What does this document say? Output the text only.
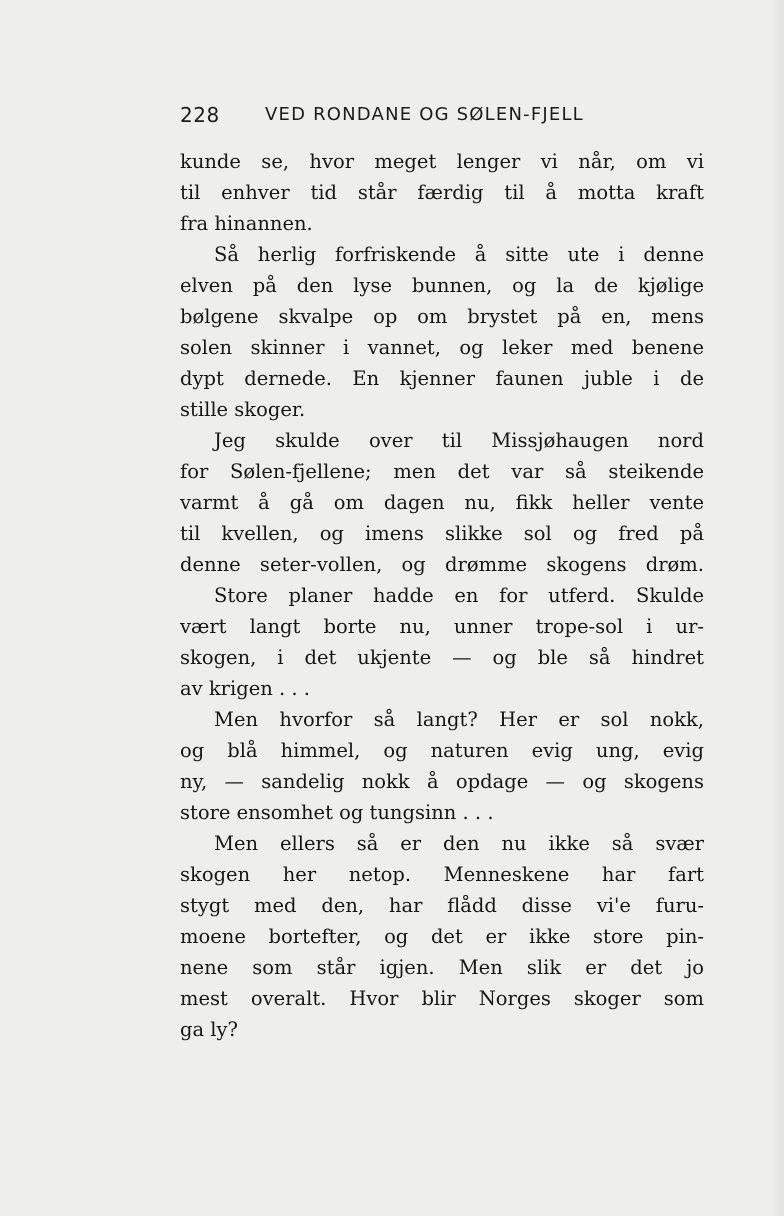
228	VED RONDANE OG SØLEN-FJELL
kunde se, hvor meget lenger vi når, om vi
til enhver tid står færdig til å motta kraft
fra hinannen.
Så herlig forfriskende å sitte ute i denne
elven på den lyse bunnen, og la de kjølige
bølgene skvalpe op om brystet på en, mens
solen skinner i vannet, og leker med benene
dypt dernede. En kjenner faunen juble i de
stille skoger.
Jeg skulde over til Missjøhaugen nord
for Sølen-fjellene; men det var så steikende
varmt å gå om dagen nu, fikk heller vente
til kvellen, og imens slikke sol og fred på
denne seter-vollen, og drømme skogens drøm.
Store planer hadde en for utferd. Skulde
vært langt borte nu, unner trope-sol i ur-
skogen, i det ukjente — og ble så hindret
av krigen . . .
Men hvorfor så langt? Her er sol nokk,
og blå himmel, og naturen evig ung, evig
ny, — sandelig nokk å opdage — og skogens
store ensomhet og tungsinn . . .
Men ellers så er den nu ikke så svær
skogen her netop. Menneskene har fart
stygt med den, har flådd disse vi'e furu-
moene bortefter, og det er ikke store pin-
nene som står igjen. Men slik er det jo
mest overalt. Hvor blir Norges skoger som
ga ly?
